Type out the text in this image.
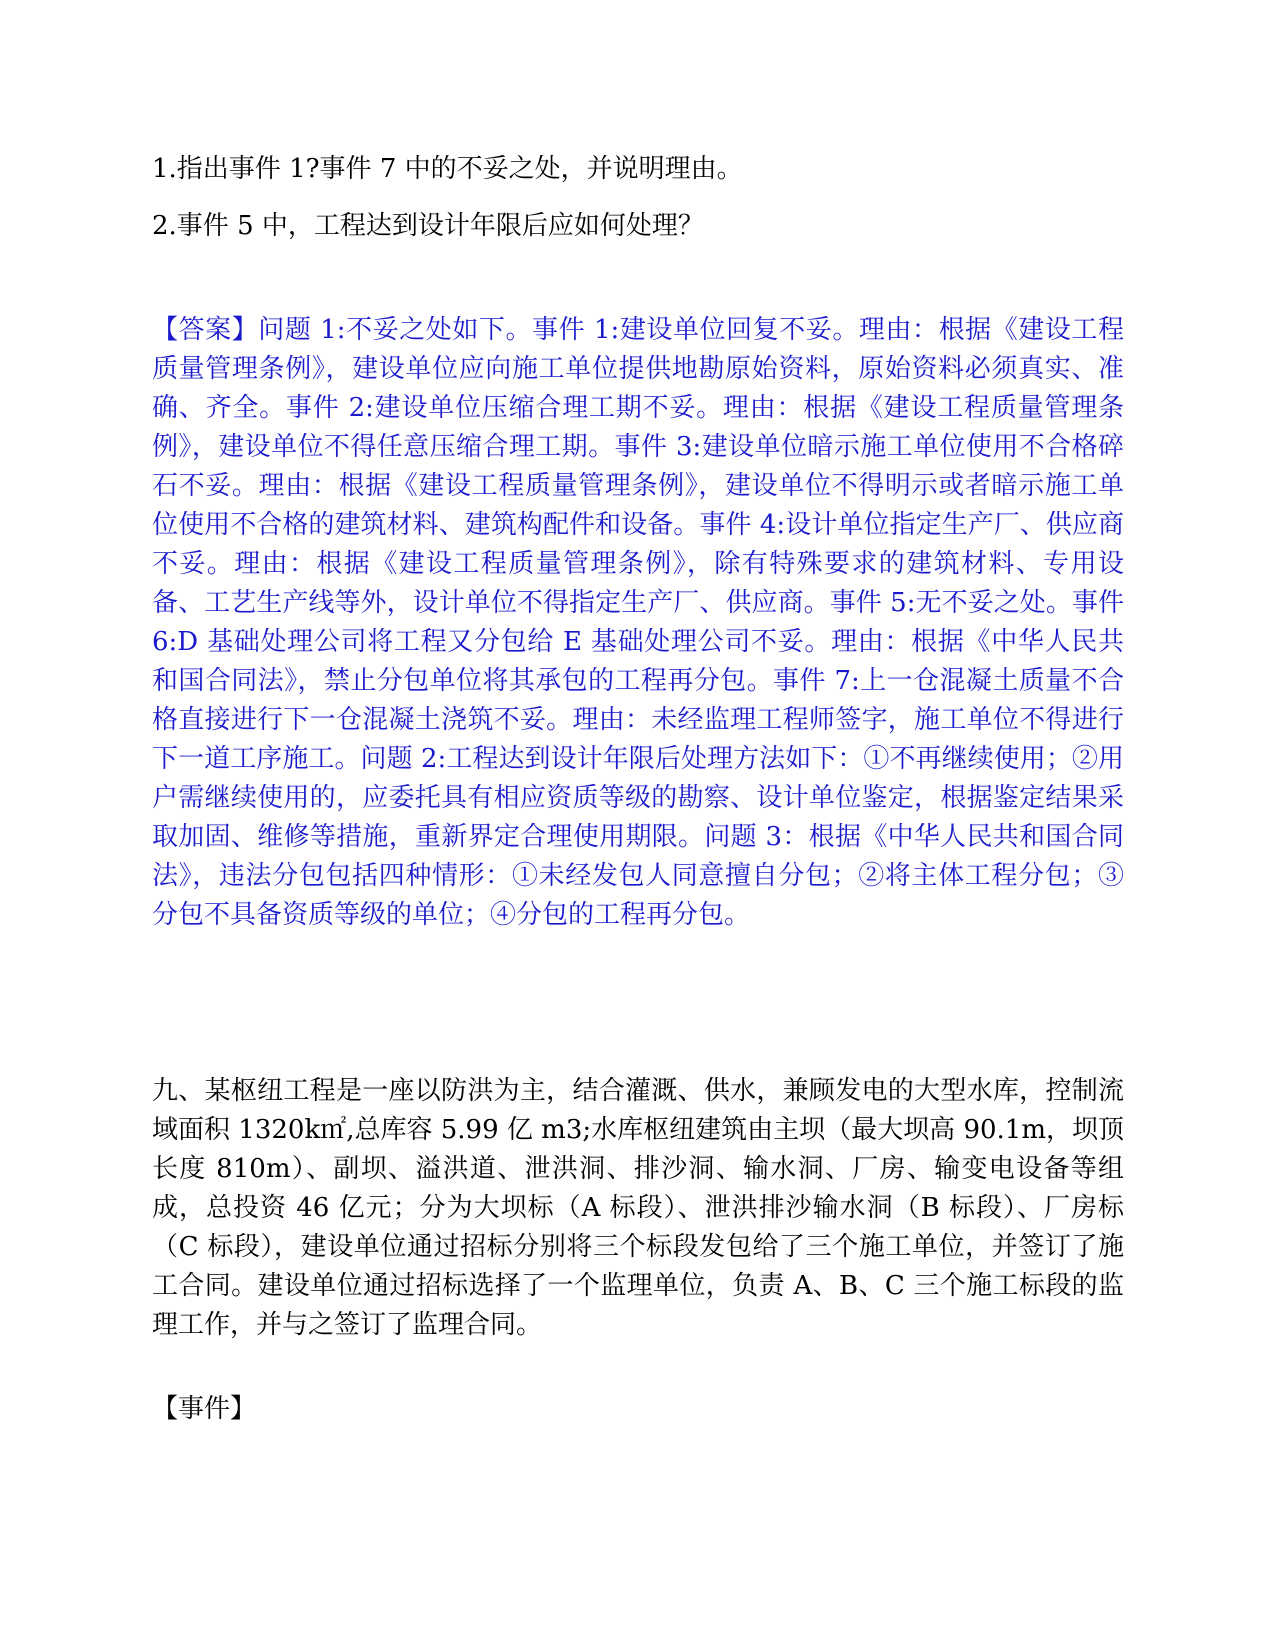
1.指出事件 1?事件 7 中的不妥之处，并说明理由。

2.事件 5 中，工程达到设计年限后应如何处理？

【答案】问题 1:不妥之处如下。事件 1:建设单位回复不妥。理由：根据《建设工程质量管理条例》，建设单位应向施工单位提供地勘原始资料，原始资料必须真实、准确、齐全。事件 2:建设单位压缩合理工期不妥。理由：根据《建设工程质量管理条例》，建设单位不得任意压缩合理工期。事件 3:建设单位暗示施工单位使用不合格碎石不妥。理由：根据《建设工程质量管理条例》，建设单位不得明示或者暗示施工单位使用不合格的建筑材料、建筑构配件和设备。事件 4:设计单位指定生产厂、供应商不妥。理由：根据《建设工程质量管理条例》，除有特殊要求的建筑材料、专用设备、工艺生产线等外，设计单位不得指定生产厂、供应商。事件 5:无不妥之处。事件 6:D 基础处理公司将工程又分包给 E 基础处理公司不妥。理由：根据《中华人民共和国合同法》，禁止分包单位将其承包的工程再分包。事件 7:上一仓混凝土质量不合格直接进行下一仓混凝土浇筑不妥。理由：未经监理工程师签字，施工单位不得进行下一道工序施工。问题 2:工程达到设计年限后处理方法如下：①不再继续使用；②用户需继续使用的，应委托具有相应资质等级的勘察、设计单位鉴定，根据鉴定结果采取加固、维修等措施，重新界定合理使用期限。问题 3：根据《中华人民共和国合同法》，违法分包包括四种情形：①未经发包人同意擅自分包；②将主体工程分包；③分包不具备资质等级的单位；④分包的工程再分包。

九、某枢纽工程是一座以防洪为主，结合灌溉、供水，兼顾发电的大型水库，控制流域面积 1320k㎡,总库容 5.99 亿 m3;水库枢纽建筑由主坝（最大坝高 90.1m，坝顶长度 810m）、副坝、溢洪道、泄洪洞、排沙洞、输水洞、厂房、输变电设备等组成，总投资 46 亿元；分为大坝标（A 标段）、泄洪排沙输水洞（B 标段）、厂房标（C 标段），建设单位通过招标分别将三个标段发包给了三个施工单位，并签订了施工合同。建设单位通过招标选择了一个监理单位，负责 A、B、C 三个施工标段的监理工作，并与之签订了监理合同。

【事件】
